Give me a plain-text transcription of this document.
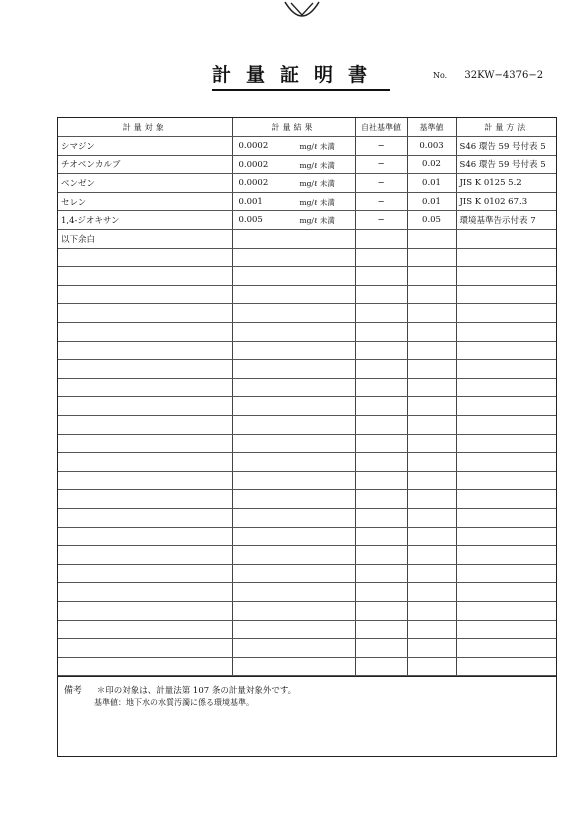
計量証明書	No. 32KW−4376−2
計量対象	計量結果	自社基準値	基準値	計量方法
シマジン	0.0002 mg/ℓ 未満	−	0.003	S46 環告 59 号付表 5
チオベンカルブ	0.0002 mg/ℓ 未満	−	0.02	S46 環告 59 号付表 5
ベンゼン	0.0002 mg/ℓ 未満	−	0.01	JIS K 0125 5.2
セレン	0.001 mg/ℓ 未満	−	0.01	JIS K 0102 67.3
1,4-ジオキサン	0.005 mg/ℓ 未満	−	0.05	環境基準告示付表 7
以下余白	

備考 ＊印の対象は、計量法第 107 条の計量対象外です。
基準値：地下水の水質汚濁に係る環境基準。
